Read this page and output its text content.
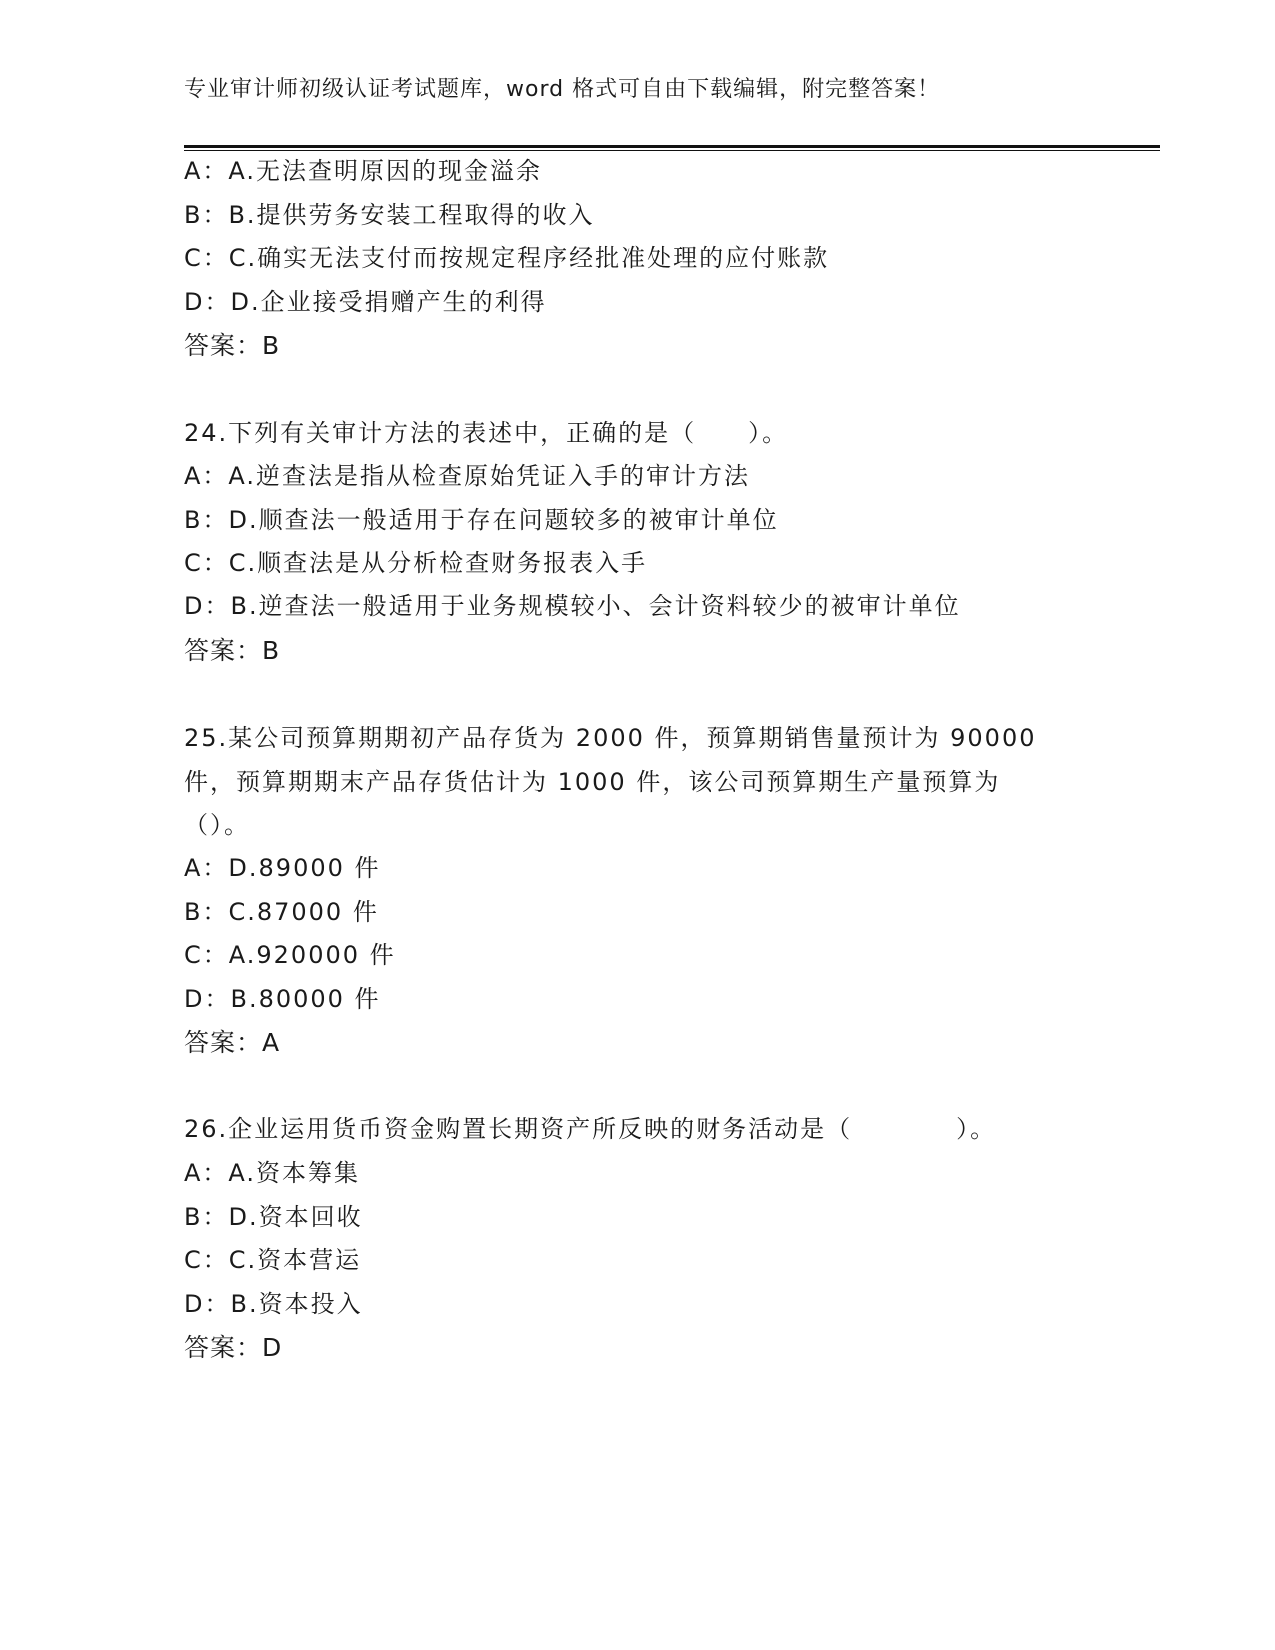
专业审计师初级认证考试题库，word 格式可自由下载编辑，附完整答案！
A：A.无法查明原因的现金溢余
B：B.提供劳务安装工程取得的收入
C：C.确实无法支付而按规定程序经批准处理的应付账款
D：D.企业接受捐赠产生的利得
答案：B
24.下列有关审计方法的表述中，正确的是（　　）。
A：A.逆查法是指从检查原始凭证入手的审计方法
B：D.顺查法一般适用于存在问题较多的被审计单位
C：C.顺查法是从分析检查财务报表入手
D：B.逆查法一般适用于业务规模较小、会计资料较少的被审计单位
答案：B
25.某公司预算期期初产品存货为 2000 件，预算期销售量预计为 90000
件，预算期期末产品存货估计为 1000 件，该公司预算期生产量预算为
（）。
A：D.89000 件
B：C.87000 件
C：A.920000 件
D：B.80000 件
答案：A
26.企业运用货币资金购置长期资产所反映的财务活动是（　　　　）。
A：A.资本筹集
B：D.资本回收
C：C.资本营运
D：B.资本投入
答案：D
